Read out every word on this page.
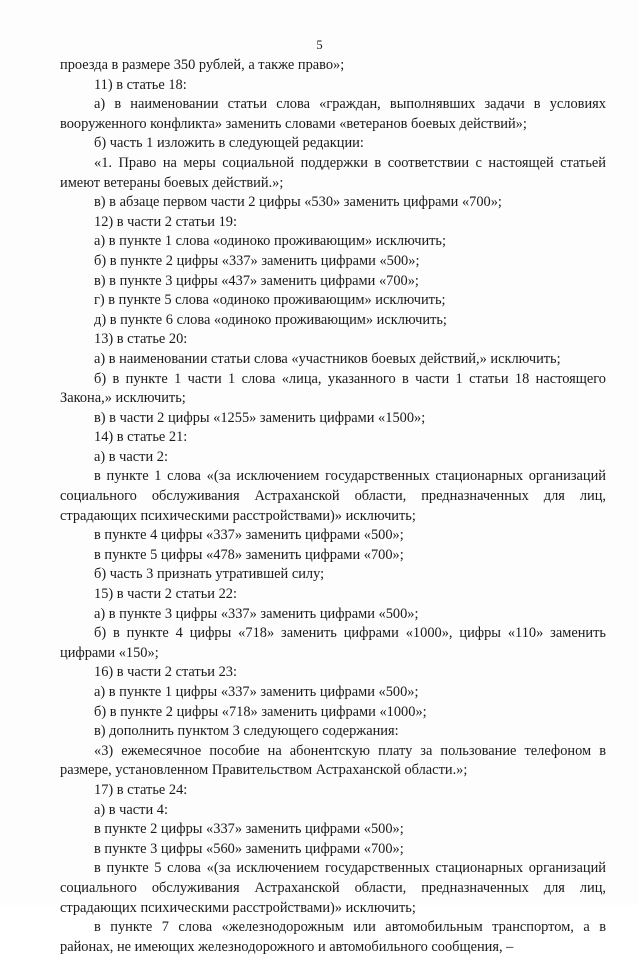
5

проезда в размере 350 рублей, а также право»;

11) в статье 18:

а) в наименовании статьи слова «граждан, выполнявших задачи в условиях вооруженного конфликта» заменить словами «ветеранов боевых действий»;

б) часть 1 изложить в следующей редакции:

«1. Право на меры социальной поддержки в соответствии с настоящей статьей имеют ветераны боевых действий.»;

в) в абзаце первом части 2 цифры «530» заменить цифрами «700»;

12) в части 2 статьи 19:

а) в пункте 1 слова «одиноко проживающим» исключить;

б) в пункте 2 цифры «337» заменить цифрами «500»;

в) в пункте 3 цифры «437» заменить цифрами «700»;

г) в пункте 5 слова «одиноко проживающим» исключить;

д) в пункте 6 слова «одиноко проживающим» исключить;

13) в статье 20:

а) в наименовании статьи слова «участников боевых действий,» исключить;

б) в пункте 1 части 1 слова «лица, указанного в части 1 статьи 18 настоящего Закона,» исключить;

в) в части 2 цифры «1255» заменить цифрами «1500»;

14) в статье 21:

а) в части 2:

в пункте 1 слова «(за исключением государственных стационарных организаций социального обслуживания Астраханской области, предназначенных для лиц, страдающих психическими расстройствами)» исключить;

в пункте 4 цифры «337» заменить цифрами «500»;

в пункте 5 цифры «478» заменить цифрами «700»;

б) часть 3 признать утратившей силу;

15) в части 2 статьи 22:

а) в пункте 3 цифры «337» заменить цифрами «500»;

б) в пункте 4 цифры «718» заменить цифрами «1000», цифры «110» заменить цифрами «150»;

16) в части 2 статьи 23:

а) в пункте 1 цифры «337» заменить цифрами «500»;

б) в пункте 2 цифры «718» заменить цифрами «1000»;

в) дополнить пунктом 3 следующего содержания:

«3) ежемесячное пособие на абонентскую плату за пользование телефоном в размере, установленном Правительством Астраханской области.»;

17) в статье 24:

а) в части 4:

в пункте 2 цифры «337» заменить цифрами «500»;

в пункте 3 цифры «560» заменить цифрами «700»;

в пункте 5 слова «(за исключением государственных стационарных организаций социального обслуживания Астраханской области, предназначенных для лиц, страдающих психическими расстройствами)» исключить;

в пункте 7 слова «железнодорожным или автомобильным транспортом, а в районах, не имеющих железнодорожного и автомобильного сообщения, –
